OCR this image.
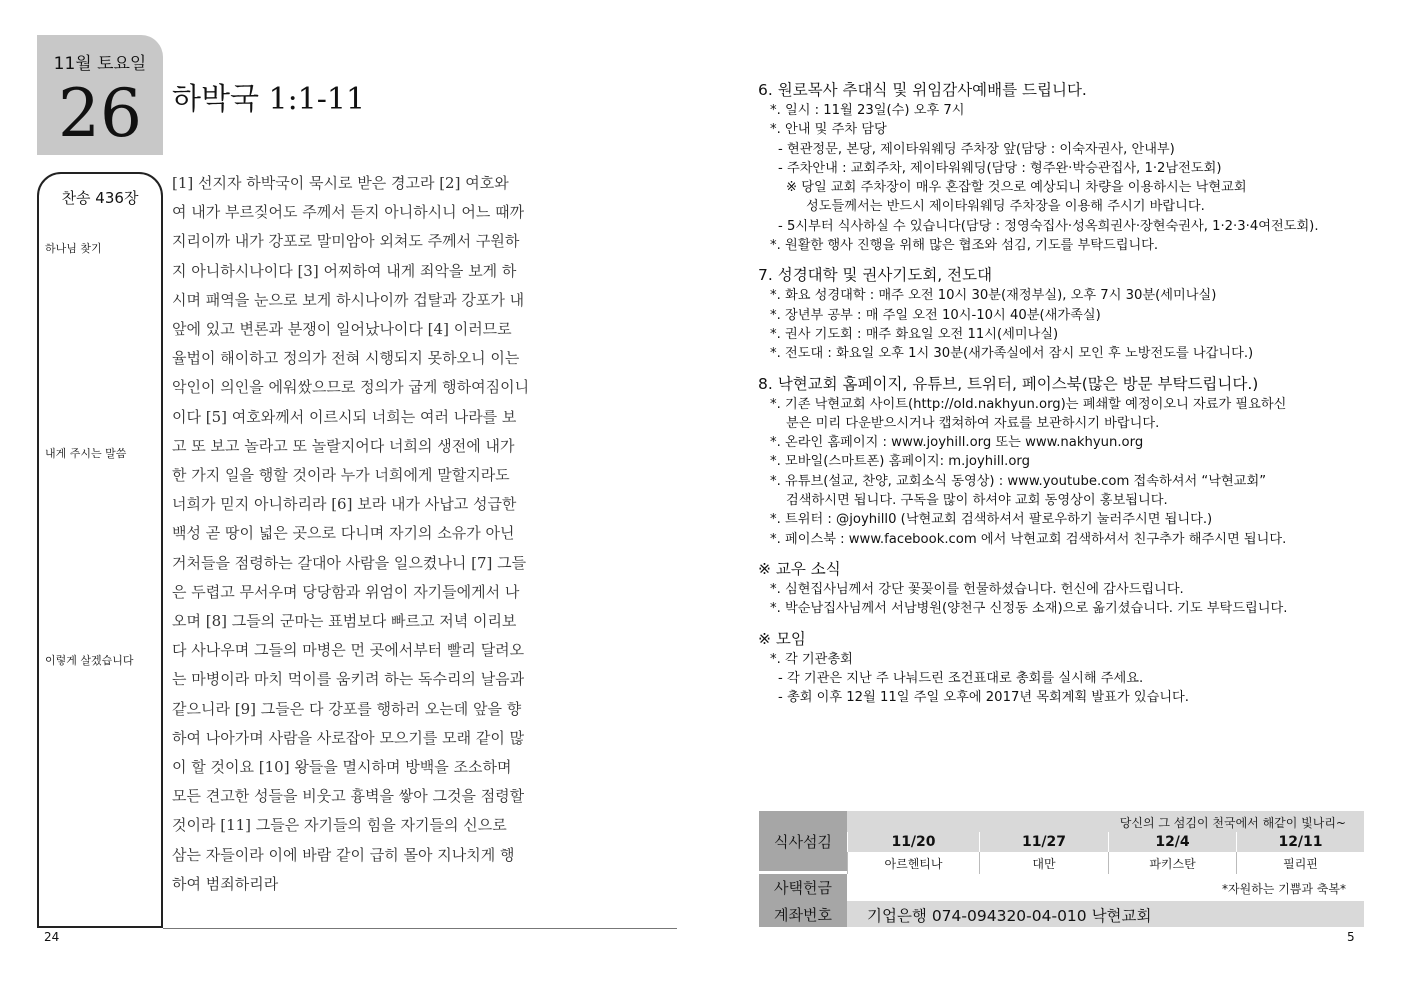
11월 토요일
26	하박국 1:1-11
찬송 436장
하나님 찾기
내게 주시는 말씀
이렇게 살겠습니다
[1] 선지자 하박국이 묵시로 받은 경고라 [2] 여호와
여 내가 부르짖어도 주께서 듣지 아니하시니 어느 때까
지리이까 내가 강포로 말미암아 외쳐도 주께서 구원하
지 아니하시나이다 [3] 어찌하여 내게 죄악을 보게 하
시며 패역을 눈으로 보게 하시나이까 겁탈과 강포가 내
앞에 있고 변론과 분쟁이 일어났나이다 [4] 이러므로
율법이 해이하고 정의가 전혀 시행되지 못하오니 이는
악인이 의인을 에워쌌으므로 정의가 굽게 행하여짐이니
이다 [5] 여호와께서 이르시되 너희는 여러 나라를 보
고 또 보고 놀라고 또 놀랄지어다 너희의 생전에 내가
한 가지 일을 행할 것이라 누가 너희에게 말할지라도
너희가 믿지 아니하리라 [6] 보라 내가 사납고 성급한
백성 곧 땅이 넓은 곳으로 다니며 자기의 소유가 아닌
거처들을 점령하는 갈대아 사람을 일으켰나니 [7] 그들
은 두렵고 무서우며 당당함과 위엄이 자기들에게서 나
오며 [8] 그들의 군마는 표범보다 빠르고 저녁 이리보
다 사나우며 그들의 마병은 먼 곳에서부터 빨리 달려오
는 마병이라 마치 먹이를 움키려 하는 독수리의 날음과
같으니라 [9] 그들은 다 강포를 행하러 오는데 앞을 향
하여 나아가며 사람을 사로잡아 모으기를 모래 같이 많
이 할 것이요 [10] 왕들을 멸시하며 방백을 조소하며
모든 견고한 성들을 비웃고 흉벽을 쌓아 그것을 점령할
것이라 [11] 그들은 자기들의 힘을 자기들의 신으로
삼는 자들이라 이에 바람 같이 급히 몰아 지나치게 행
하여 범죄하리라
24
6. 원로목사 추대식 및 위임감사예배를 드립니다.
*. 일시 : 11월 23일(수) 오후 7시
*. 안내 및 주차 담당
- 현관정문, 본당, 제이타워웨딩 주차장 앞(담당 : 이숙자권사, 안내부)
- 주차안내 : 교회주차, 제이타워웨딩(담당 : 형주완·박승관집사, 1·2남전도회)
※ 당일 교회 주차장이 매우 혼잡할 것으로 예상되니 차량을 이용하시는 낙현교회
성도들께서는 반드시 제이타워웨딩 주차장을 이용해 주시기 바랍니다.
- 5시부터 식사하실 수 있습니다(담당 : 정영숙집사·성옥희권사·장현숙권사, 1·2·3·4여전도회).
*. 원활한 행사 진행을 위해 많은 협조와 섬김, 기도를 부탁드립니다.
7. 성경대학 및 권사기도회, 전도대
*. 화요 성경대학 : 매주 오전 10시 30분(재정부실), 오후 7시 30분(세미나실)
*. 장년부 공부 : 매 주일 오전 10시-10시 40분(새가족실)
*. 권사 기도회 : 매주 화요일 오전 11시(세미나실)
*. 전도대 : 화요일 오후 1시 30분(새가족실에서 잠시 모인 후 노방전도를 나갑니다.)
8. 낙현교회 홈페이지, 유튜브, 트위터, 페이스북(많은 방문 부탁드립니다.)
*. 기존 낙현교회 사이트(http://old.nakhyun.org)는 폐쇄할 예정이오니 자료가 필요하신
분은 미리 다운받으시거나 캡쳐하여 자료를 보관하시기 바랍니다.
*. 온라인 홈페이지 : www.joyhill.org 또는 www.nakhyun.org
*. 모바일(스마트폰) 홈페이지: m.joyhill.org
*. 유튜브(설교, 찬양, 교회소식 동영상) : www.youtube.com 접속하셔서 “낙현교회”
검색하시면 됩니다. 구독을 많이 하셔야 교회 동영상이 홍보됩니다.
*. 트위터 : @joyhill0 (낙현교회 검색하셔서 팔로우하기 눌러주시면 됩니다.)
*. 페이스북 : www.facebook.com 에서 낙현교회 검색하셔서 친구추가 해주시면 됩니다.
※ 교우 소식
*. 심현집사님께서 강단 꽃꽂이를 헌물하셨습니다. 헌신에 감사드립니다.
*. 박순남집사님께서 서남병원(양천구 신정동 소재)으로 옮기셨습니다. 기도 부탁드립니다.
※ 모임
*. 각 기관총회
- 각 기관은 지난 주 나눠드린 조건표대로 총회를 실시해 주세요.
- 총회 이후 12월 11일 주일 오후에 2017년 목회계획 발표가 있습니다.
식사섬김
당신의 그 섬김이 천국에서 해같이 빛나리~
11/20	11/27	12/4	12/11
아르헨티나	대만	파키스탄	필리핀
사택헌금	*자원하는 기쁨과 축복*
계좌번호	기업은행 074-094320-04-010 낙현교회
5
